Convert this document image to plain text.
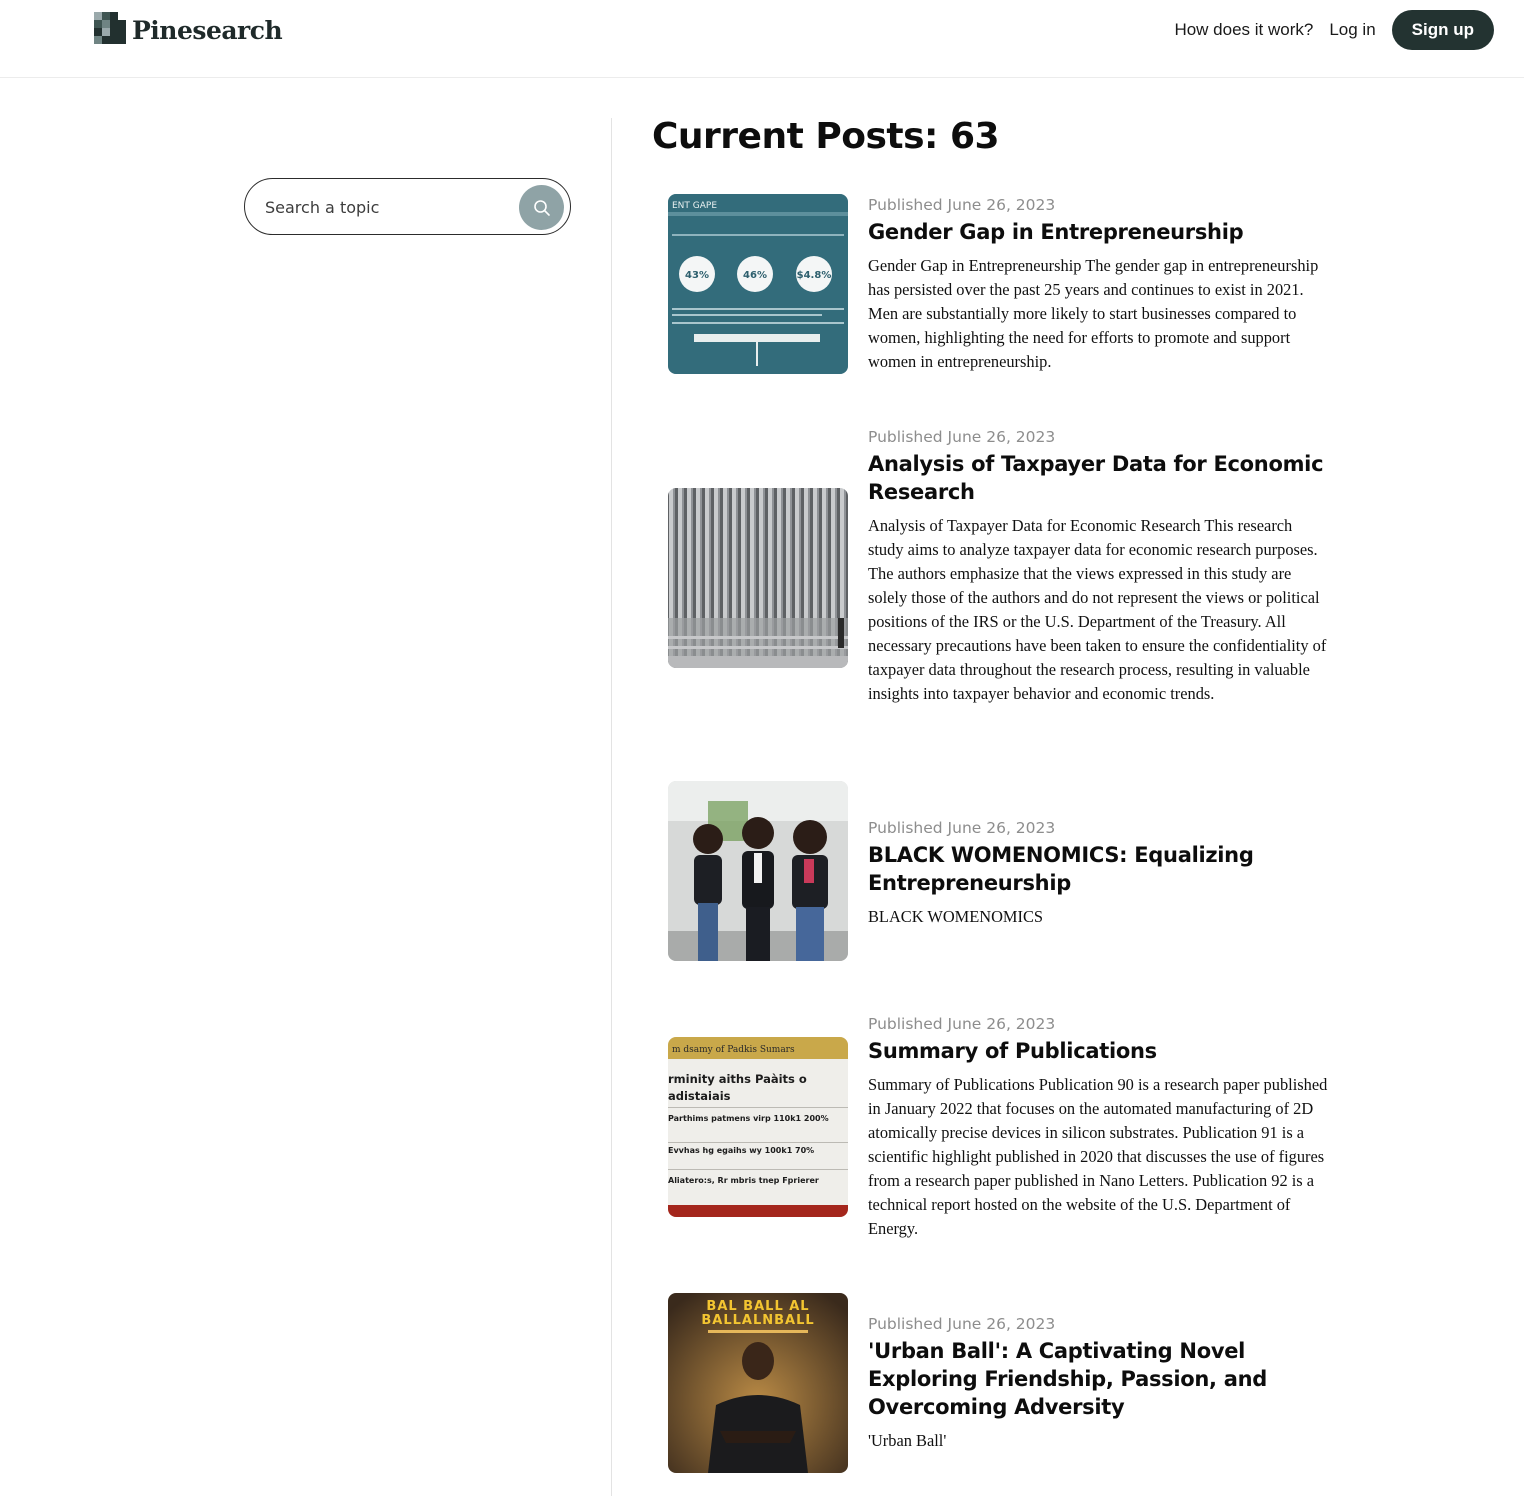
Pinesearch	How does it work? Log in	Sign up
Search a topic
Current Posts: 63
ENT GAPE
43%	46%	$4.8%
Published June 26, 2023
Gender Gap in Entrepreneurship

Gender Gap in Entrepreneurship The gender gap in entrepreneurship has persisted over the past 25 years and continues to exist in 2021. Men are substantially more likely to start businesses compared to women, highlighting the need for efforts to promote and support women in entrepreneurship.

Published June 26, 2023
Analysis of Taxpayer Data for Economic Research

Analysis of Taxpayer Data for Economic Research This research study aims to analyze taxpayer data for economic research purposes. The authors emphasize that the views expressed in this study are solely those of the authors and do not represent the views or political positions of the IRS or the U.S. Department of the Treasury. All necessary precautions have been taken to ensure the confidentiality of taxpayer data throughout the research process, resulting in valuable insights into taxpayer behavior and economic trends.

Published June 26, 2023
BLACK WOMENOMICS: Equalizing Entrepreneurship

BLACK WOMENOMICS

m dsamy of Padkis Sumars
rminity aiths Paàits o
adistaiais
Parthims patmens virp 110k1 200%
Evvhas hg egaihs wy 100k1 70%
Aliatero:s, Rr mbris tnep Fprierer
Published June 26, 2023
Summary of Publications

Summary of Publications Publication 90 is a research paper published in January 2022 that focuses on the automated manufacturing of 2D atomically precise devices in silicon substrates. Publication 91 is a scientific highlight published in 2020 that discusses the use of figures from a research paper published in Nano Letters. Publication 92 is a technical report hosted on the website of the U.S. Department of Energy.

BAL BALL AL
BALLALNBALL	Published June 26, 2023
'Urban Ball': A Captivating Novel Exploring Friendship, Passion, and Overcoming Adversity

'Urban Ball'
